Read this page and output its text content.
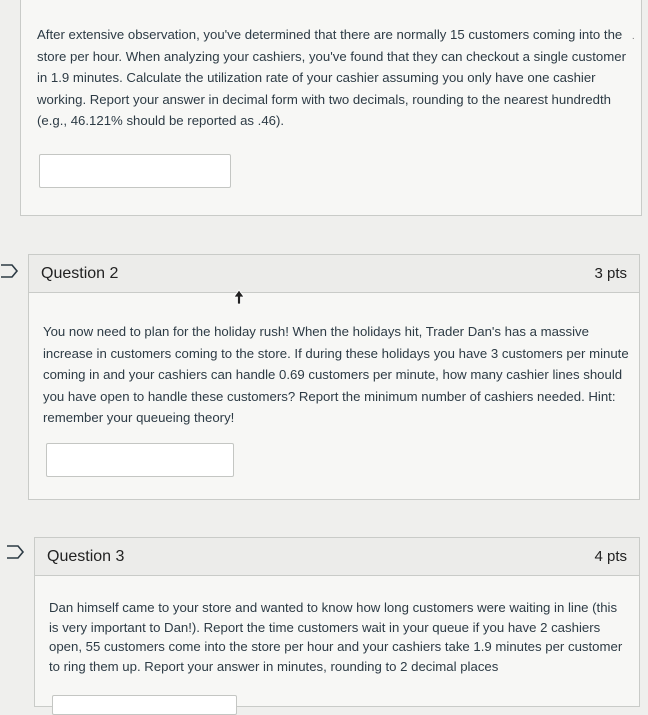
After extensive observation, you've determined that there are normally 15 customers coming into the store per hour. When analyzing your cashiers, you've found that they can checkout a single customer in 1.9 minutes. Calculate the utilization rate of your cashier assuming you only have one cashier working. Report your answer in decimal form with two decimals, rounding to the nearest hundredth (e.g., 46.121% should be reported as .46).
·
Question 2	3 pts
You now need to plan for the holiday rush! When the holidays hit, Trader Dan's has a massive increase in customers coming to the store. If during these holidays you have 3 customers per minute coming in and your cashiers can handle 0.69 customers per minute, how many cashier lines should you have open to handle these customers? Report the minimum number of cashiers needed. Hint: remember your queueing theory!
Question 3	4 pts
Dan himself came to your store and wanted to know how long customers were waiting in line (this is very important to Dan!). Report the time customers wait in your queue if you have 2 cashiers open, 55 customers come into the store per hour and your cashiers take 1.9 minutes per customer to ring them up. Report your answer in minutes, rounding to 2 decimal places
